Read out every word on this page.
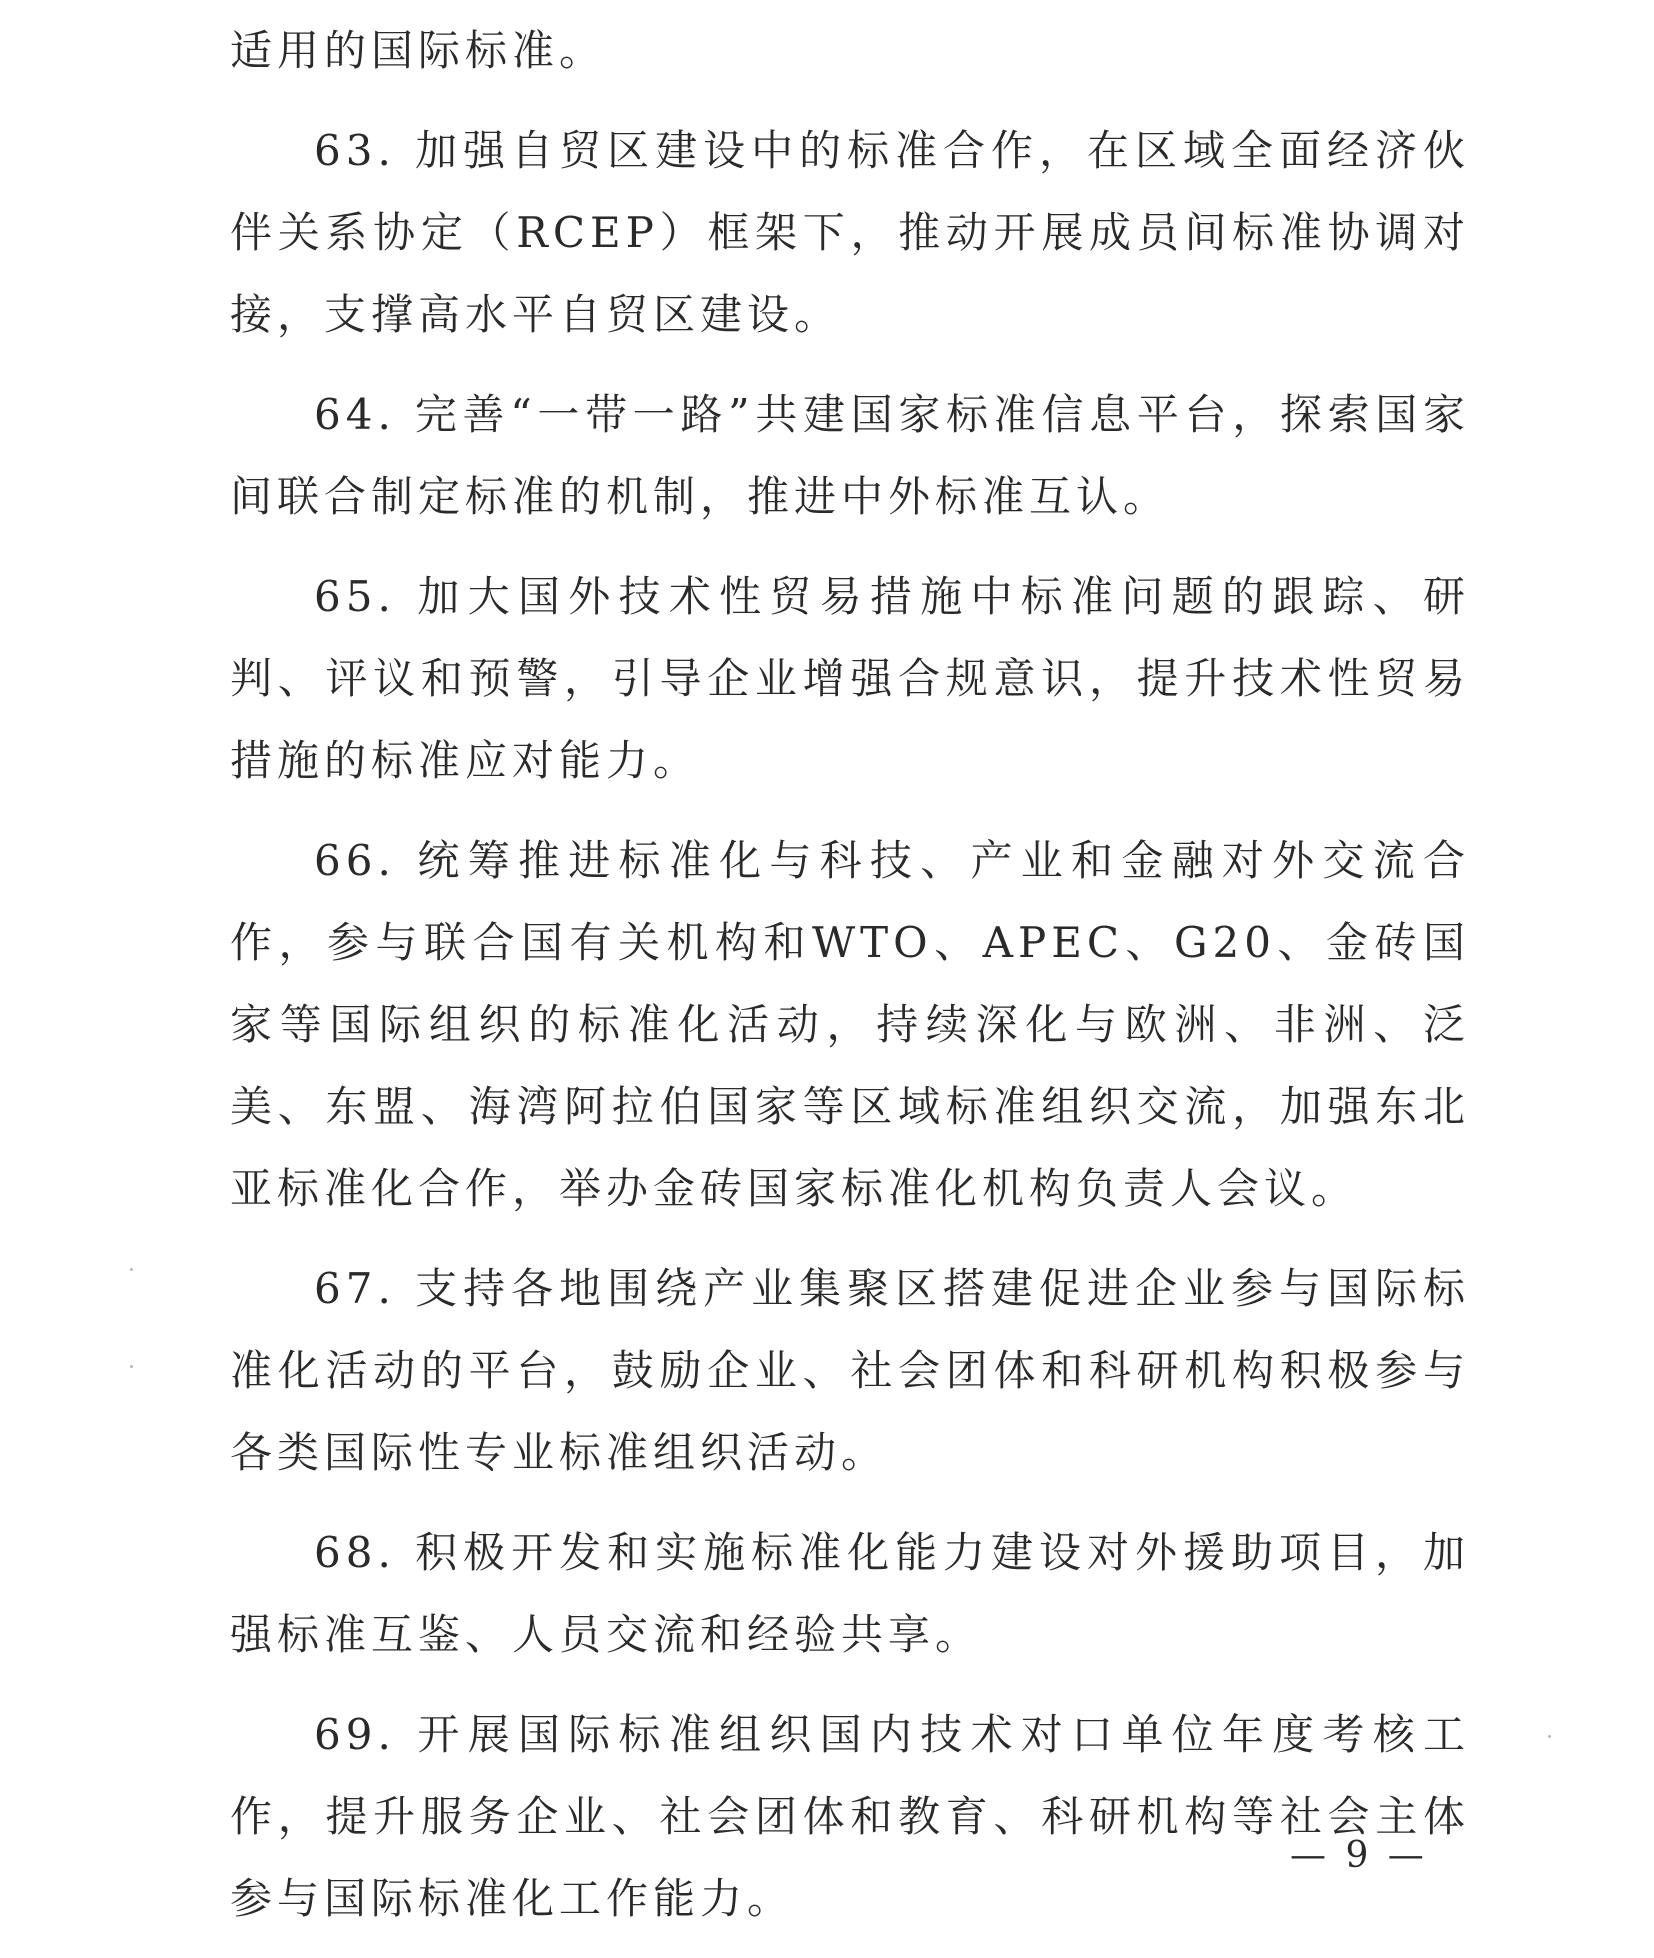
适用的国际标准。

63. 加强自贸区建设中的标准合作，在区域全面经济伙伴关系协定（RCEP）框架下，推动开展成员间标准协调对接，支撑高水平自贸区建设。

64. 完善“一带一路”共建国家标准信息平台，探索国家间联合制定标准的机制，推进中外标准互认。

65. 加大国外技术性贸易措施中标准问题的跟踪、研判、评议和预警，引导企业增强合规意识，提升技术性贸易措施的标准应对能力。

66. 统筹推进标准化与科技、产业和金融对外交流合作，参与联合国有关机构和WTO、APEC、G20、金砖国家等国际组织的标准化活动，持续深化与欧洲、非洲、泛美、东盟、海湾阿拉伯国家等区域标准组织交流，加强东北亚标准化合作，举办金砖国家标准化机构负责人会议。

67. 支持各地围绕产业集聚区搭建促进企业参与国际标准化活动的平台，鼓励企业、社会团体和科研机构积极参与各类国际性专业标准组织活动。

68. 积极开发和实施标准化能力建设对外援助项目，加强标准互鉴、人员交流和经验共享。

69. 开展国际标准组织国内技术对口单位年度考核工作，提升服务企业、社会团体和教育、科研机构等社会主体参与国际标准化工作能力。

— 9 —
